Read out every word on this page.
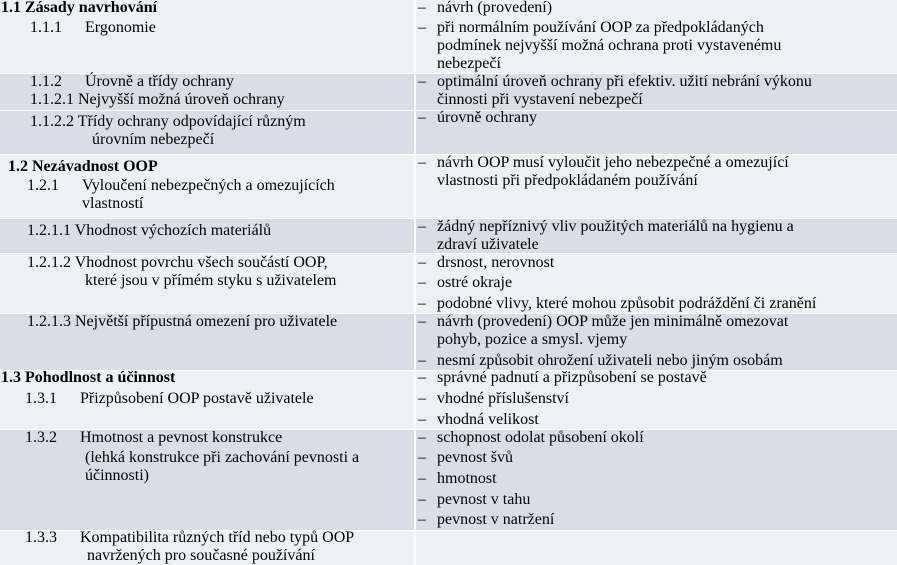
1.1 Zásady navrhování
1.1.1 Ergonomie
– návrh (provedení)
– při normálním používání OOP za předpokládaných
podmínek nejvyšší možná ochrana proti vystavenému
nebezpečí
1.1.2 Úrovně a třídy ochrany
1.1.2.1 Nejvyšší možná úroveň ochrany
– optimální úroveň ochrany při efektiv. užití nebrání výkonu
činnosti při vystavení nebezpečí
1.1.2.2 Třídy ochrany odpovídající různým
úrovním nebezpečí
– úrovně ochrany
1.2 Nezávadnost OOP
1.2.1 Vyloučení nebezpečných a omezujících
vlastností
– návrh OOP musí vyloučit jeho nebezpečné a omezující
vlastnosti při předpokládaném používání
1.2.1.1 Vhodnost výchozích materiálů	– žádný nepříznivý vliv použitých materiálů na hygienu a
zdraví uživatele
1.2.1.2 Vhodnost povrchu všech součástí OOP,
které jsou v přímém styku s uživatelem
– drsnost, nerovnost
– ostré okraje
– podobné vlivy, které mohou způsobit podráždění či zranění
1.2.1.3 Největší přípustná omezení pro uživatele	– návrh (provedení) OOP může jen minimálně omezovat
pohyb, pozice a smysl. vjemy
– nesmí způsobit ohrožení uživateli nebo jiným osobám
1.3 Pohodlnost a účinnost
1.3.1 Přizpůsobení OOP postavě uživatele
– správné padnutí a přizpůsobení se postavě
– vhodné příslušenství
– vhodná velikost
1.3.2 Hmotnost a pevnost konstrukce
(lehká konstrukce při zachování pevnosti a
účinnosti)
– schopnost odolat působení okolí
– pevnost švů
– hmotnost
– pevnost v tahu
– pevnost v natržení
1.3.3 Kompatibilita různých tříd nebo typů OOP
navržených pro současné používání
